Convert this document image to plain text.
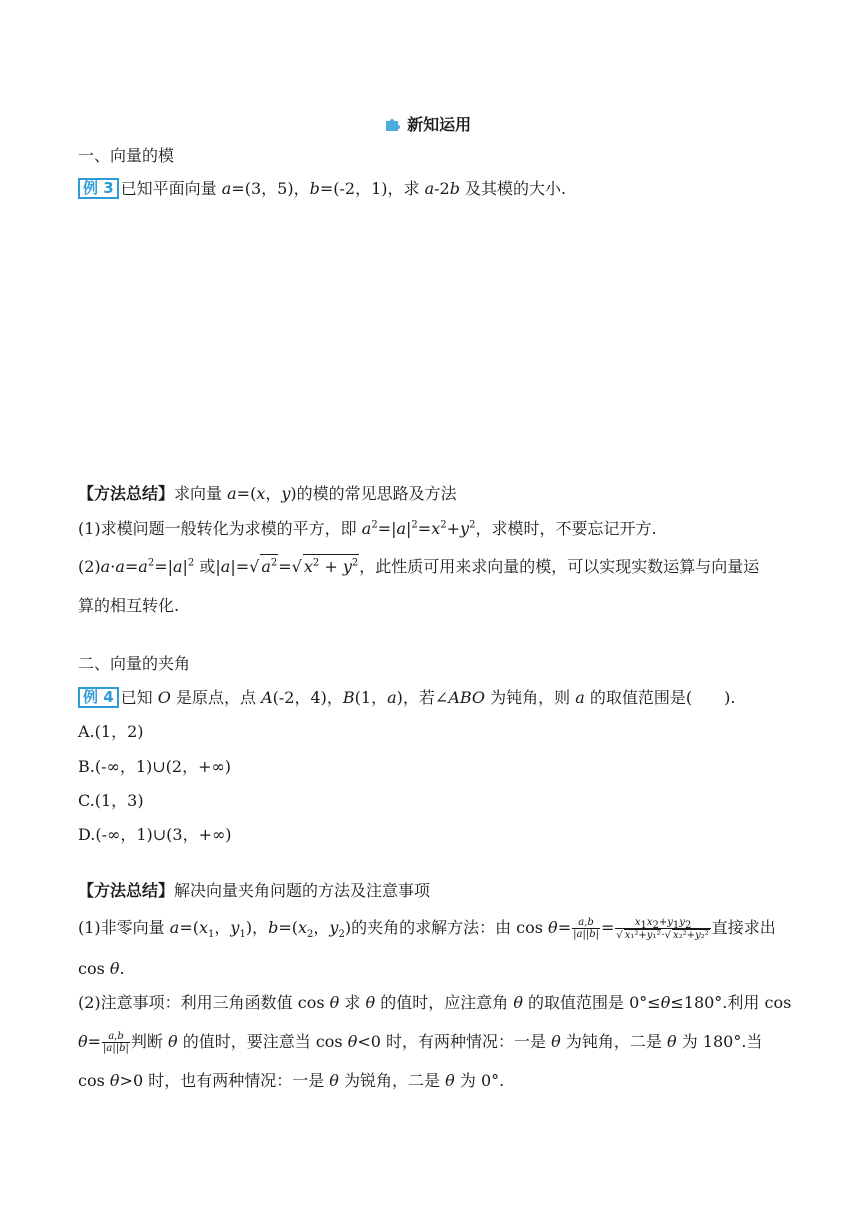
新知运用
一、向量的模
例 3 已知平面向量 a=(3，5)，b=(-2，1)，求 a-2b 及其模的大小.
【方法总结】求向量 a=(x，y)的模的常见思路及方法
(1)求模问题一般转化为求模的平方，即 $a^2=|a|^2=x^2+y^2$，求模时，不要忘记开方.
$(2)a\cdot a=a^2=|a|^2$ 或|a|=√ $a^2=√$ $x^2 + y^2$，此性质可用来求向量的模，可以实现实数运算与向量运
算的相互转化.
二、向量的夹角
例 4 已知 O 是原点，点 A(-2，4)，B(1，a)，若∠ABO 为钝角，则 a 的取值范围是(　　).
A.(1，2)
B.(-∞，1)∪(2，+∞)
C.(1，3)
D.(-∞，1)∪(3，+∞)
【方法总结】解决向量夹角问题的方法及注意事项
(1)非零向量 $a=(x_1$，$y_1$)，$b=(x_2$，$y_2$)的夹角的求解方法：由 $\cos \theta= \frac{a,b}{|a||b|} = \frac{x_1x_2+y_1y_2}{\text{√ x₁²+y₁²·√ x₂²+y₂²}}$ 直接求出
cos θ.
(2)注意事项：利用三角函数值 cos θ 求 θ 的值时，应注意角 θ 的取值范围是 0°≤θ≤180°.利用 cos
$\theta= \frac{a,b}{|a||b|}$ 判断 θ 的值时，要注意当 cos θ<0 时，有两种情况：一是 θ 为钝角，二是 θ 为 180°.当
cos θ>0 时，也有两种情况：一是 θ 为锐角，二是 θ 为 0°.
